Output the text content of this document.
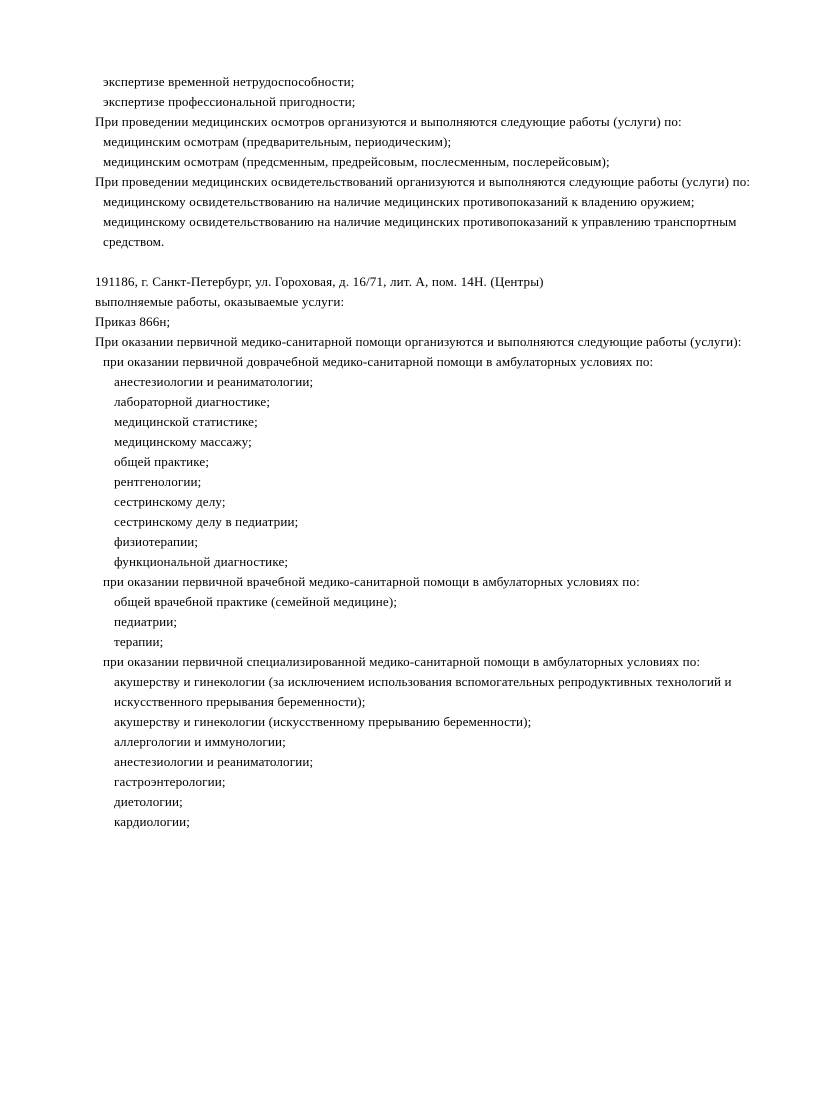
экспертизе временной нетрудоспособности;
экспертизе профессиональной пригодности;
При проведении медицинских осмотров организуются и выполняются следующие работы (услуги) по:
медицинским осмотрам (предварительным, периодическим);
медицинским осмотрам (предсменным, предрейсовым, послесменным, послерейсовым);
При проведении медицинских освидетельствований организуются и выполняются следующие работы (услуги) по:
медицинскому освидетельствованию на наличие медицинских противопоказаний к владению оружием;
медицинскому освидетельствованию на наличие медицинских противопоказаний к управлению транспортным средством.

191186, г. Санкт-Петербург, ул. Гороховая, д. 16/71, лит. А, пом. 14Н. (Центры)
выполняемые работы, оказываемые услуги:
Приказ 866н;
При оказании первичной медико-санитарной помощи организуются и выполняются следующие работы (услуги):
при оказании первичной доврачебной медико-санитарной помощи в амбулаторных условиях по:
анестезиологии и реаниматологии;
лабораторной диагностике;
медицинской статистике;
медицинскому массажу;
общей практике;
рентгенологии;
сестринскому делу;
сестринскому делу в педиатрии;
физиотерапии;
функциональной диагностике;
при оказании первичной врачебной медико-санитарной помощи в амбулаторных условиях по:
общей врачебной практике (семейной медицине);
педиатрии;
терапии;
при оказании первичной специализированной медико-санитарной помощи в амбулаторных условиях по:
акушерству и гинекологии (за исключением использования вспомогательных репродуктивных технологий и искусственного прерывания беременности);
акушерству и гинекологии (искусственному прерыванию беременности);
аллергологии и иммунологии;
анестезиологии и реаниматологии;
гастроэнтерологии;
диетологии;
кардиологии;
